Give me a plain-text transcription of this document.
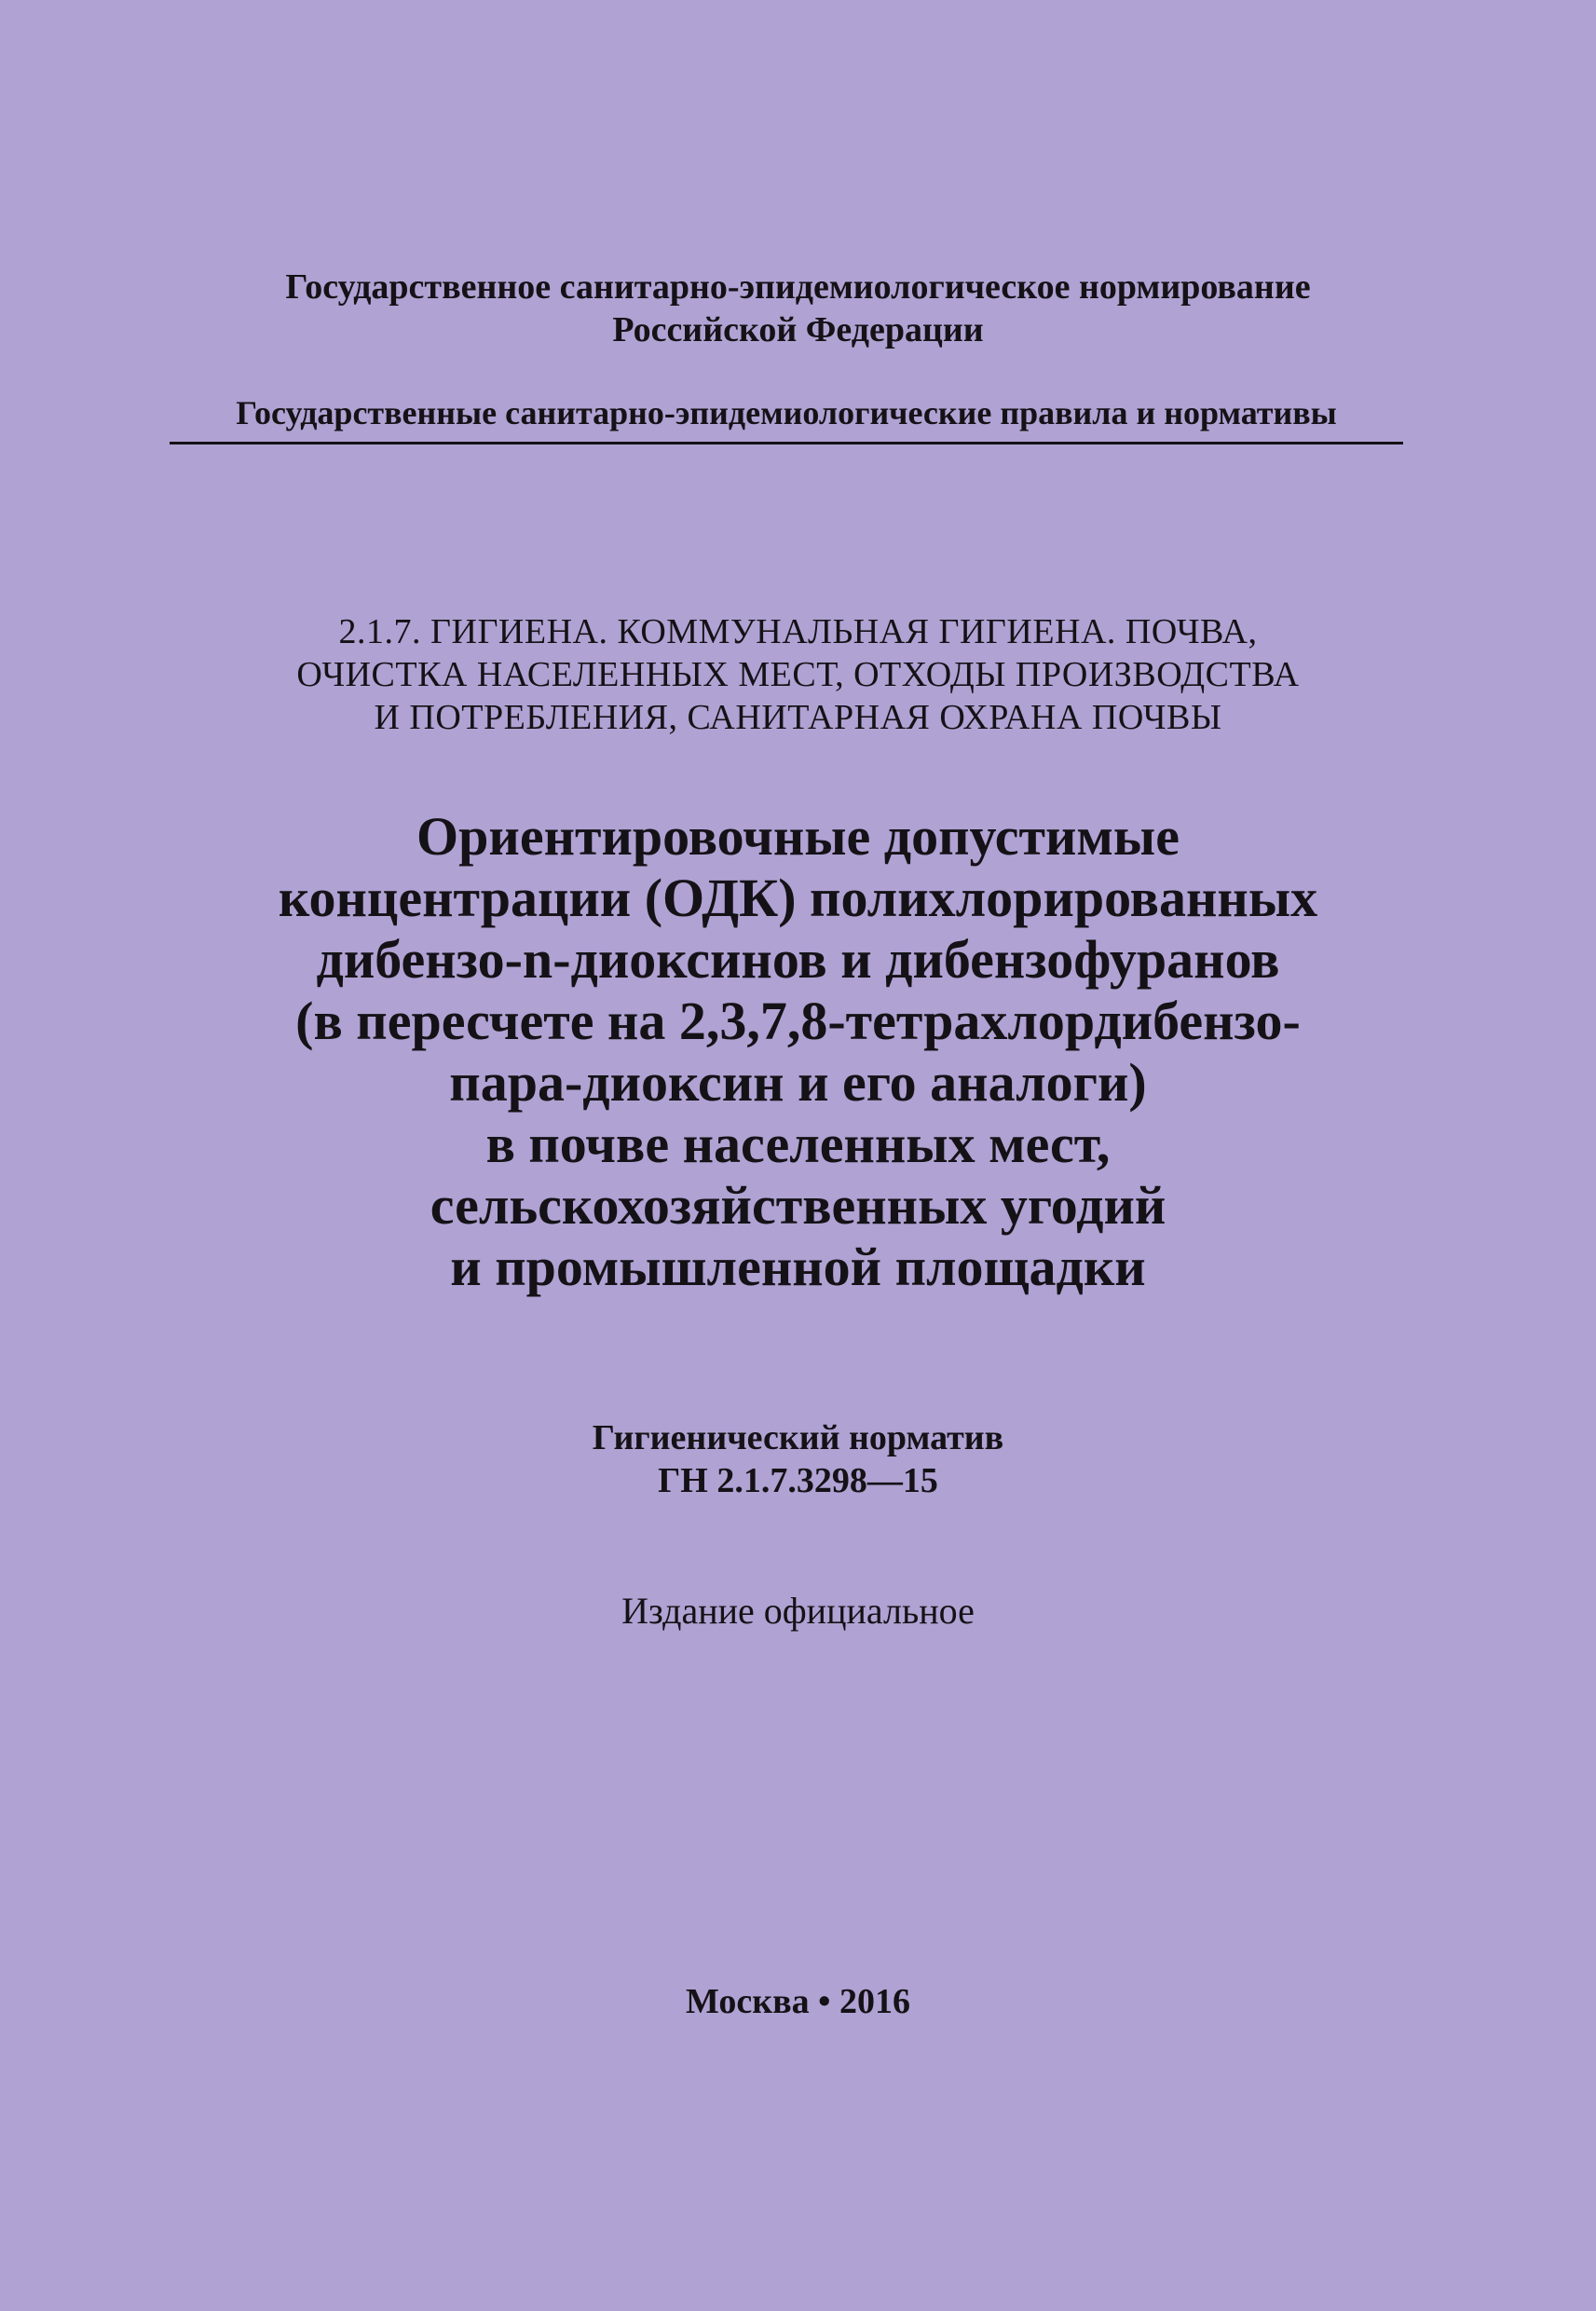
Государственное санитарно-эпидемиологическое нормирование
Российской Федерации
Государственные санитарно-эпидемиологические правила и нормативы
2.1.7. ГИГИЕНА. КОММУНАЛЬНАЯ ГИГИЕНА. ПОЧВА,
ОЧИСТКА НАСЕЛЕННЫХ МЕСТ, ОТХОДЫ ПРОИЗВОДСТВА
И ПОТРЕБЛЕНИЯ, САНИТАРНАЯ ОХРАНА ПОЧВЫ
Ориентировочные допустимые
концентрации (ОДК) полихлорированных
дибензо-n-диоксинов и дибензофуранов
(в пересчете на 2,3,7,8-тетрахлордибензо-
пара-диоксин и его аналоги)
в почве населенных мест,
сельскохозяйственных угодий
и промышленной площадки
Гигиенический норматив
ГН 2.1.7.3298—15
Издание официальное
Москва • 2016
